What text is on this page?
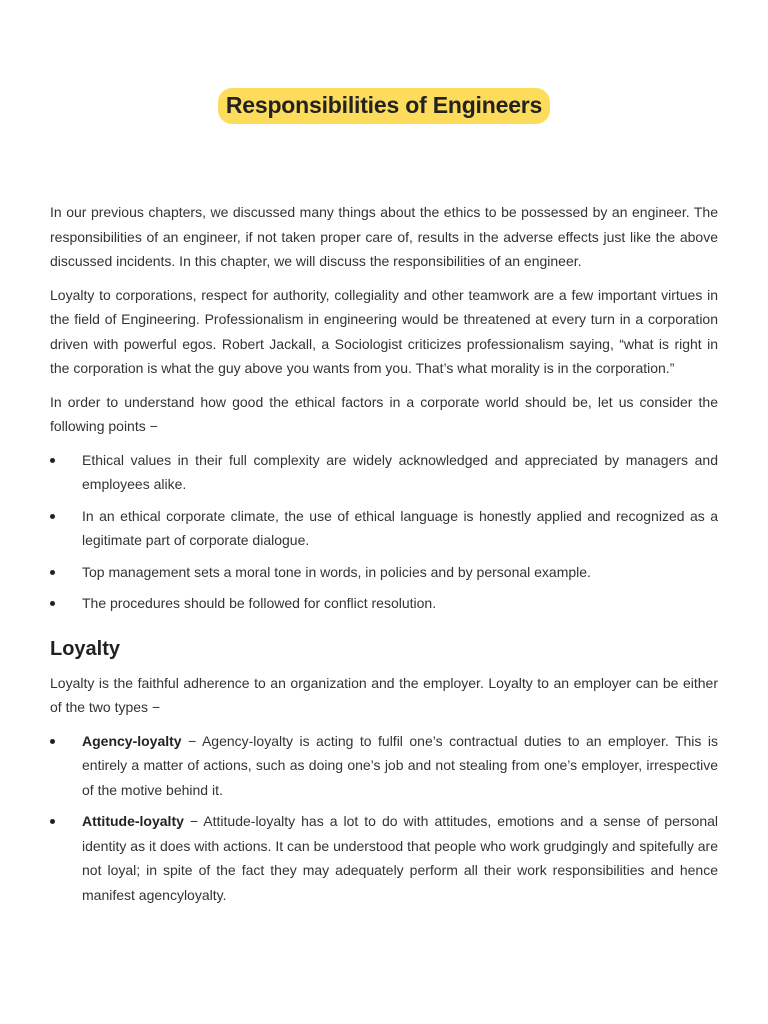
Responsibilities of Engineers

In our previous chapters, we discussed many things about the ethics to be possessed by an engineer. The responsibilities of an engineer, if not taken proper care of, results in the adverse effects just like the above discussed incidents. In this chapter, we will discuss the responsibilities of an engineer.

Loyalty to corporations, respect for authority, collegiality and other teamwork are a few important virtues in the field of Engineering. Professionalism in engineering would be threatened at every turn in a corporation driven with powerful egos. Robert Jackall, a Sociologist criticizes professionalism saying, “what is right in the corporation is what the guy above you wants from you. That’s what morality is in the corporation.”

In order to understand how good the ethical factors in a corporate world should be, let us consider the following points −

Ethical values in their full complexity are widely acknowledged and appreciated by managers and employees alike.
In an ethical corporate climate, the use of ethical language is honestly applied and recognized as a legitimate part of corporate dialogue.
Top management sets a moral tone in words, in policies and by personal example.
The procedures should be followed for conflict resolution.
Loyalty

Loyalty is the faithful adherence to an organization and the employer. Loyalty to an employer can be either of the two types −

Agency-loyalty − Agency-loyalty is acting to fulfil one’s contractual duties to an employer. This is entirely a matter of actions, such as doing one’s job and not stealing from one’s employer, irrespective of the motive behind it.
Attitude-loyalty − Attitude-loyalty has a lot to do with attitudes, emotions and a sense of personal identity as it does with actions. It can be understood that people who work grudgingly and spitefully are not loyal; in spite of the fact they may adequately perform all their work responsibilities and hence manifest agencyloyalty.
